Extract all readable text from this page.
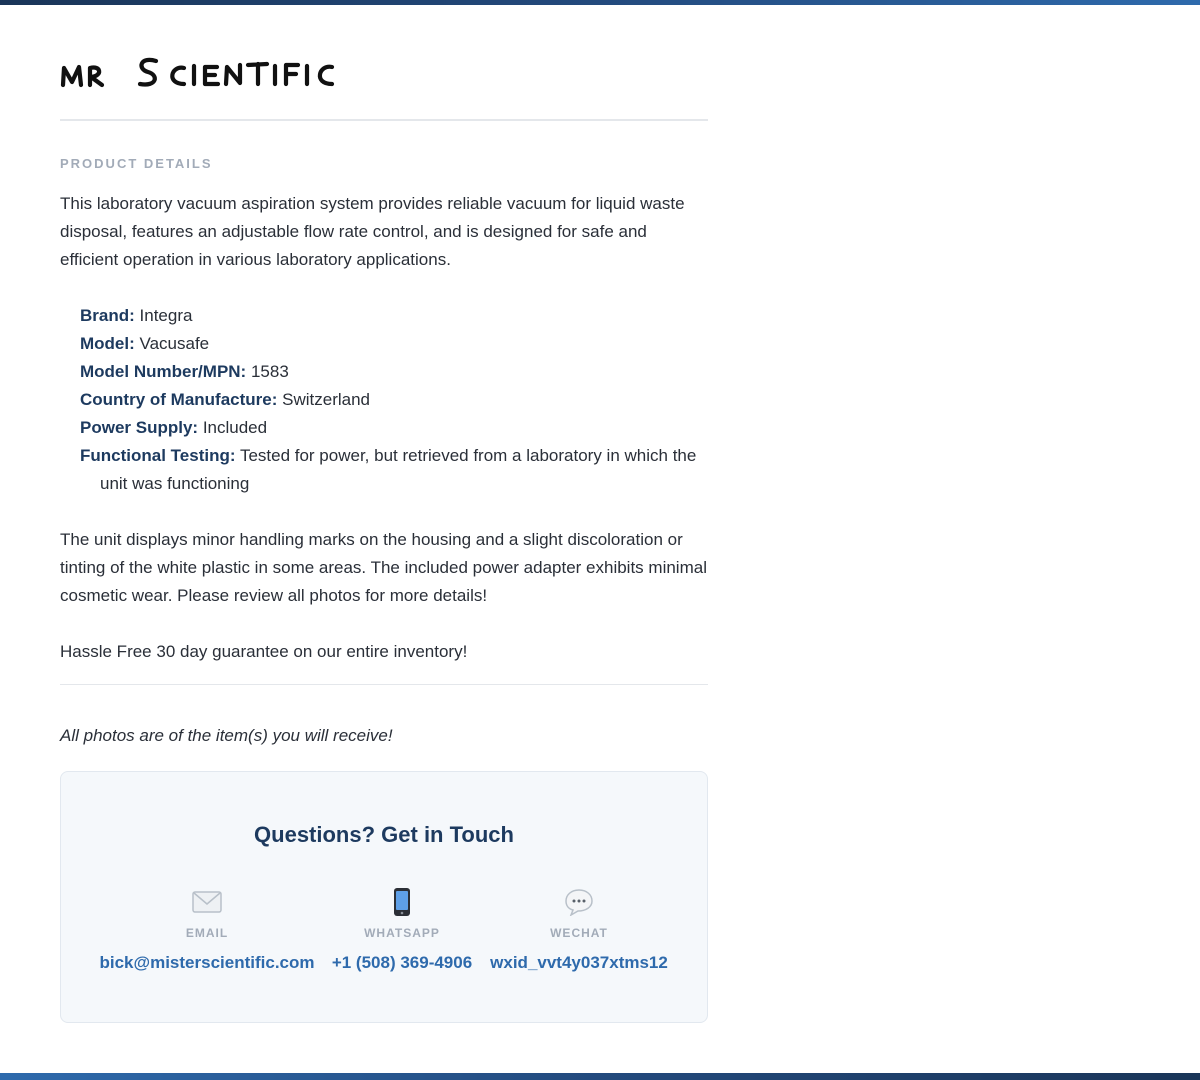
PRODUCT DETAILS

This laboratory vacuum aspiration system provides reliable vacuum for liquid waste disposal, features an adjustable flow rate control, and is designed for safe and efficient operation in various laboratory applications.

Brand: Integra
Model: Vacusafe
Model Number/MPN: 1583
Country of Manufacture: Switzerland
Power Supply: Included
Functional Testing: Tested for power, but retrieved from a laboratory in which the unit was functioning

The unit displays minor handling marks on the housing and a slight discoloration or tinting of the white plastic in some areas. The included power adapter exhibits minimal cosmetic wear. Please review all photos for more details!

Hassle Free 30 day guarantee on our entire inventory!

All photos are of the item(s) you will receive!
Questions? Get in Touch
EMAIL
bick@misterscientific.com
WHATSAPP
+1 (508) 369-4906
WECHAT
wxid_vvt4y037xtms12
